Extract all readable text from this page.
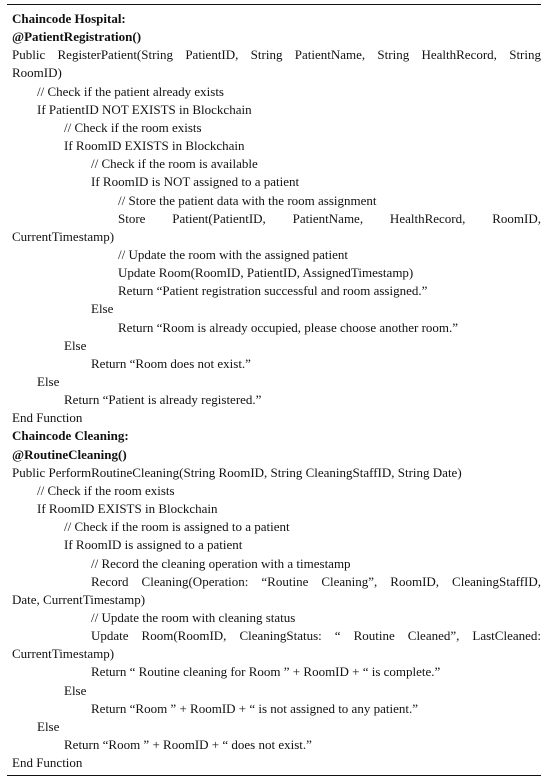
Chaincode Hospital:
@PatientRegistration()
Public RegisterPatient(String PatientID, String PatientName, String HealthRecord, String
RoomID)
// Check if the patient already exists
If PatientID NOT EXISTS in Blockchain
// Check if the room exists
If RoomID EXISTS in Blockchain
// Check if the room is available
If RoomID is NOT assigned to a patient
// Store the patient data with the room assignment
Store Patient(PatientID, PatientName, HealthRecord, RoomID,
CurrentTimestamp)
// Update the room with the assigned patient
Update Room(RoomID, PatientID, AssignedTimestamp)
Return “Patient registration successful and room assigned.”
Else
Return “Room is already occupied, please choose another room.”
Else
Return “Room does not exist.”
Else
Return “Patient is already registered.”
End Function
Chaincode Cleaning:
@RoutineCleaning()
Public PerformRoutineCleaning(String RoomID, String CleaningStaffID, String Date)
// Check if the room exists
If RoomID EXISTS in Blockchain
// Check if the room is assigned to a patient
If RoomID is assigned to a patient
// Record the cleaning operation with a timestamp
Record Cleaning(Operation: “Routine Cleaning”, RoomID, CleaningStaffID,
Date, CurrentTimestamp)
// Update the room with cleaning status
Update Room(RoomID, CleaningStatus: “ Routine Cleaned”, LastCleaned:
CurrentTimestamp)
Return “ Routine cleaning for Room ” + RoomID + “ is complete.”
Else
Return “Room ” + RoomID + “ is not assigned to any patient.”
Else
Return “Room ” + RoomID + “ does not exist.”
End Function
